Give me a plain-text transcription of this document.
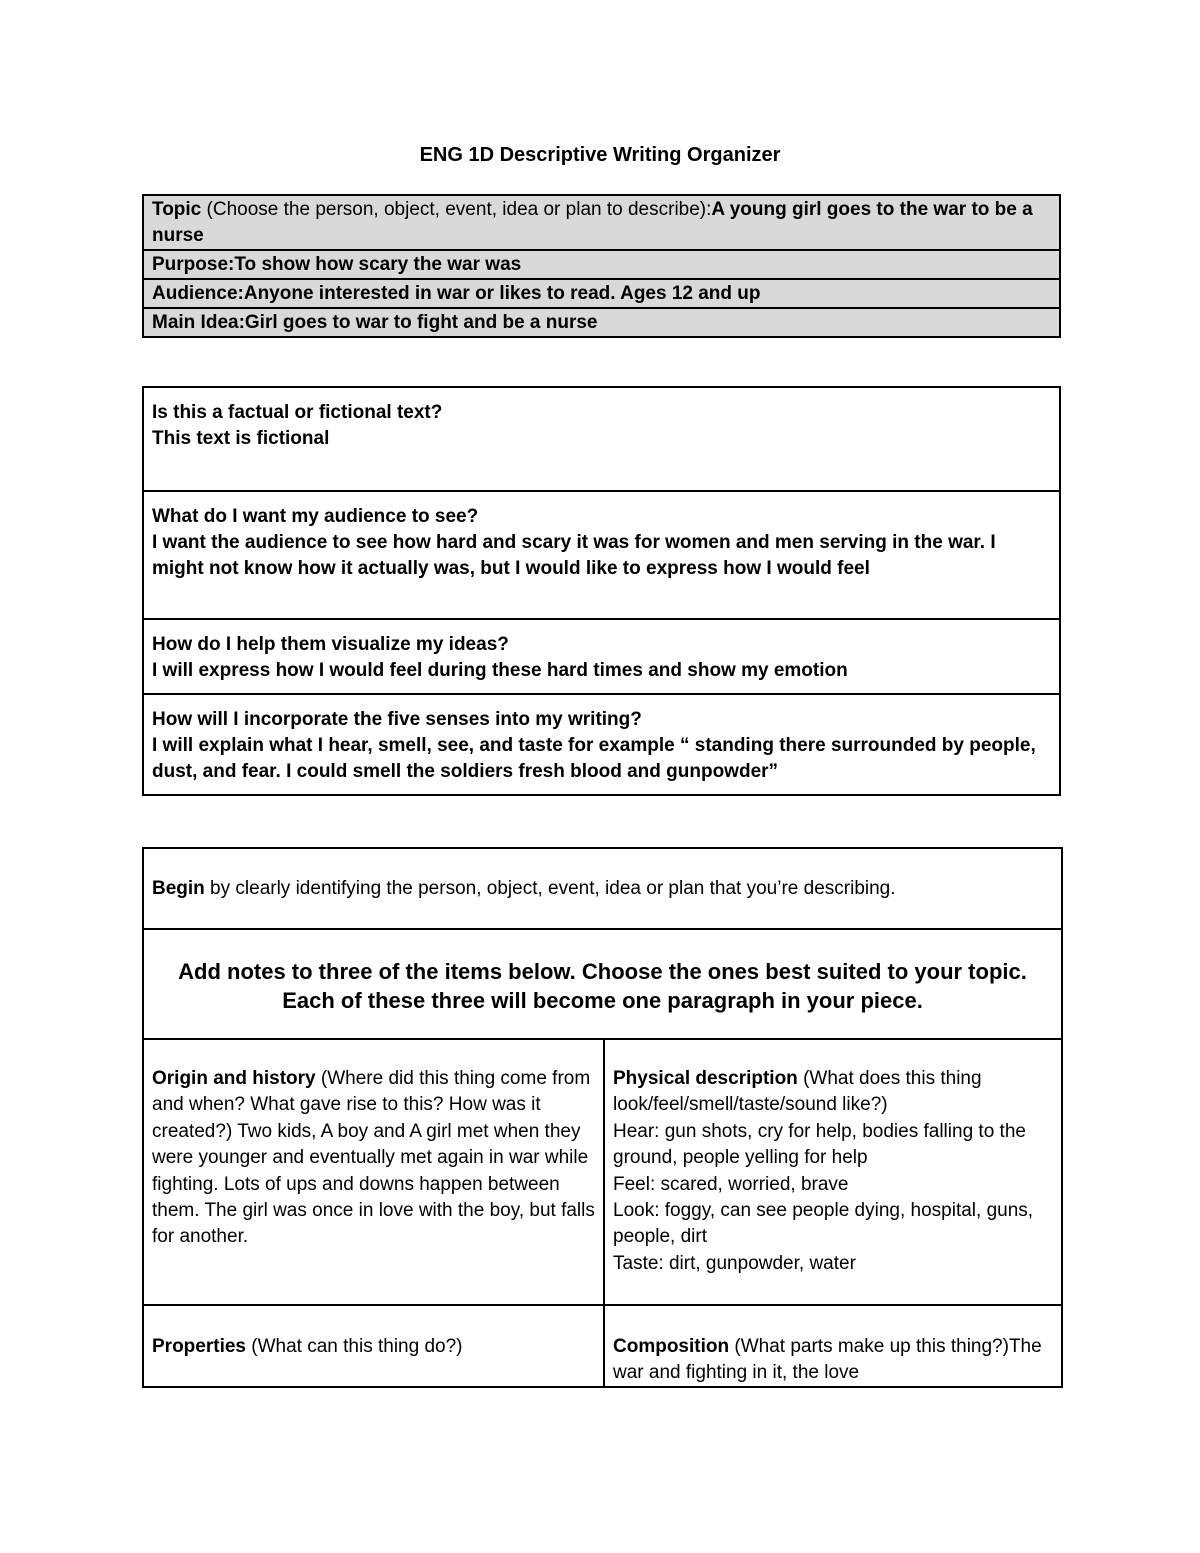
ENG 1D Descriptive Writing Organizer
Topic (Choose the person, object, event, idea or plan to describe):A young girl goes to the war to be a nurse
Purpose:To show how scary the war was
Audience:Anyone interested in war or likes to read. Ages 12 and up
Main Idea:Girl goes to war to fight and be a nurse

Is this a factual or fictional text?

This text is fictional

What do I want my audience to see?

I want the audience to see how hard and scary it was for women and men serving in the war. I might not know how it actually was, but I would like to express how I would feel

How do I help them visualize my ideas?

I will express how I would feel during these hard times and show my emotion

How will I incorporate the five senses into my writing?

I will explain what I hear, smell, see, and taste for example “ standing there surrounded by people, dust, and fear. I could smell the soldiers fresh blood and gunpowder”

Begin by clearly identifying the person, object, event, idea or plan that you’re describing.
Add notes to three of the items below. Choose the ones best suited to your topic. Each of these three will become one paragraph in your piece.
Origin and history (Where did this thing come from and when? What gave rise to this? How was it created?) Two kids, A boy and A girl met when they were younger and eventually met again in war while fighting. Lots of ups and downs happen between them. The girl was once in love with the boy, but falls for another.
Physical description (What does this thing look/feel/smell/taste/sound like?)
Hear: gun shots, cry for help, bodies falling to the ground, people yelling for help
Feel: scared, worried, brave
Look: foggy, can see people dying, hospital, guns, people, dirt
Taste: dirt, gunpowder, water
Properties (What can this thing do?)	Composition (What parts make up this thing?)The war and fighting in it, the love
